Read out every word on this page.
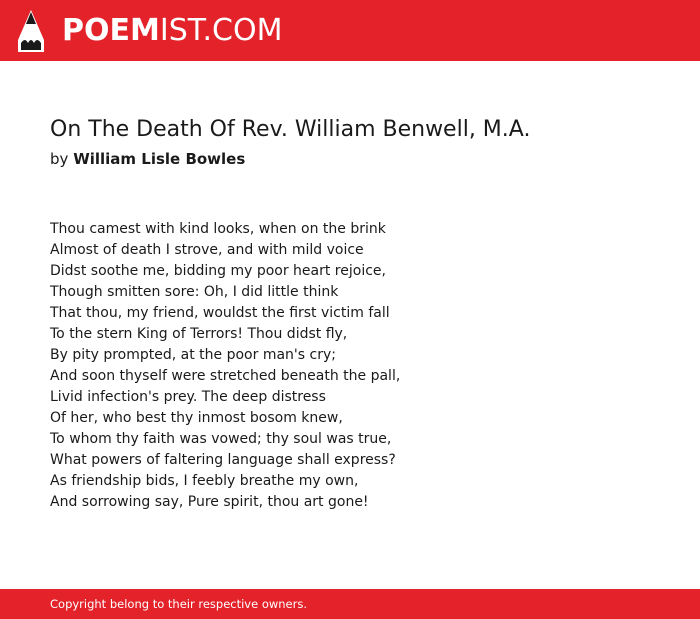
POEMIST.COM
On The Death Of Rev. William Benwell, M.A.
by William Lisle Bowles
Thou camest with kind looks, when on the brink
Almost of death I strove, and with mild voice
Didst soothe me, bidding my poor heart rejoice,
Though smitten sore: Oh, I did little think
That thou, my friend, wouldst the first victim fall
To the stern King of Terrors! Thou didst fly,
By pity prompted, at the poor man's cry;
And soon thyself were stretched beneath the pall,
Livid infection's prey. The deep distress
Of her, who best thy inmost bosom knew,
To whom thy faith was vowed; thy soul was true,
What powers of faltering language shall express?
As friendship bids, I feebly breathe my own,
And sorrowing say, Pure spirit, thou art gone!
Copyright belong to their respective owners.
